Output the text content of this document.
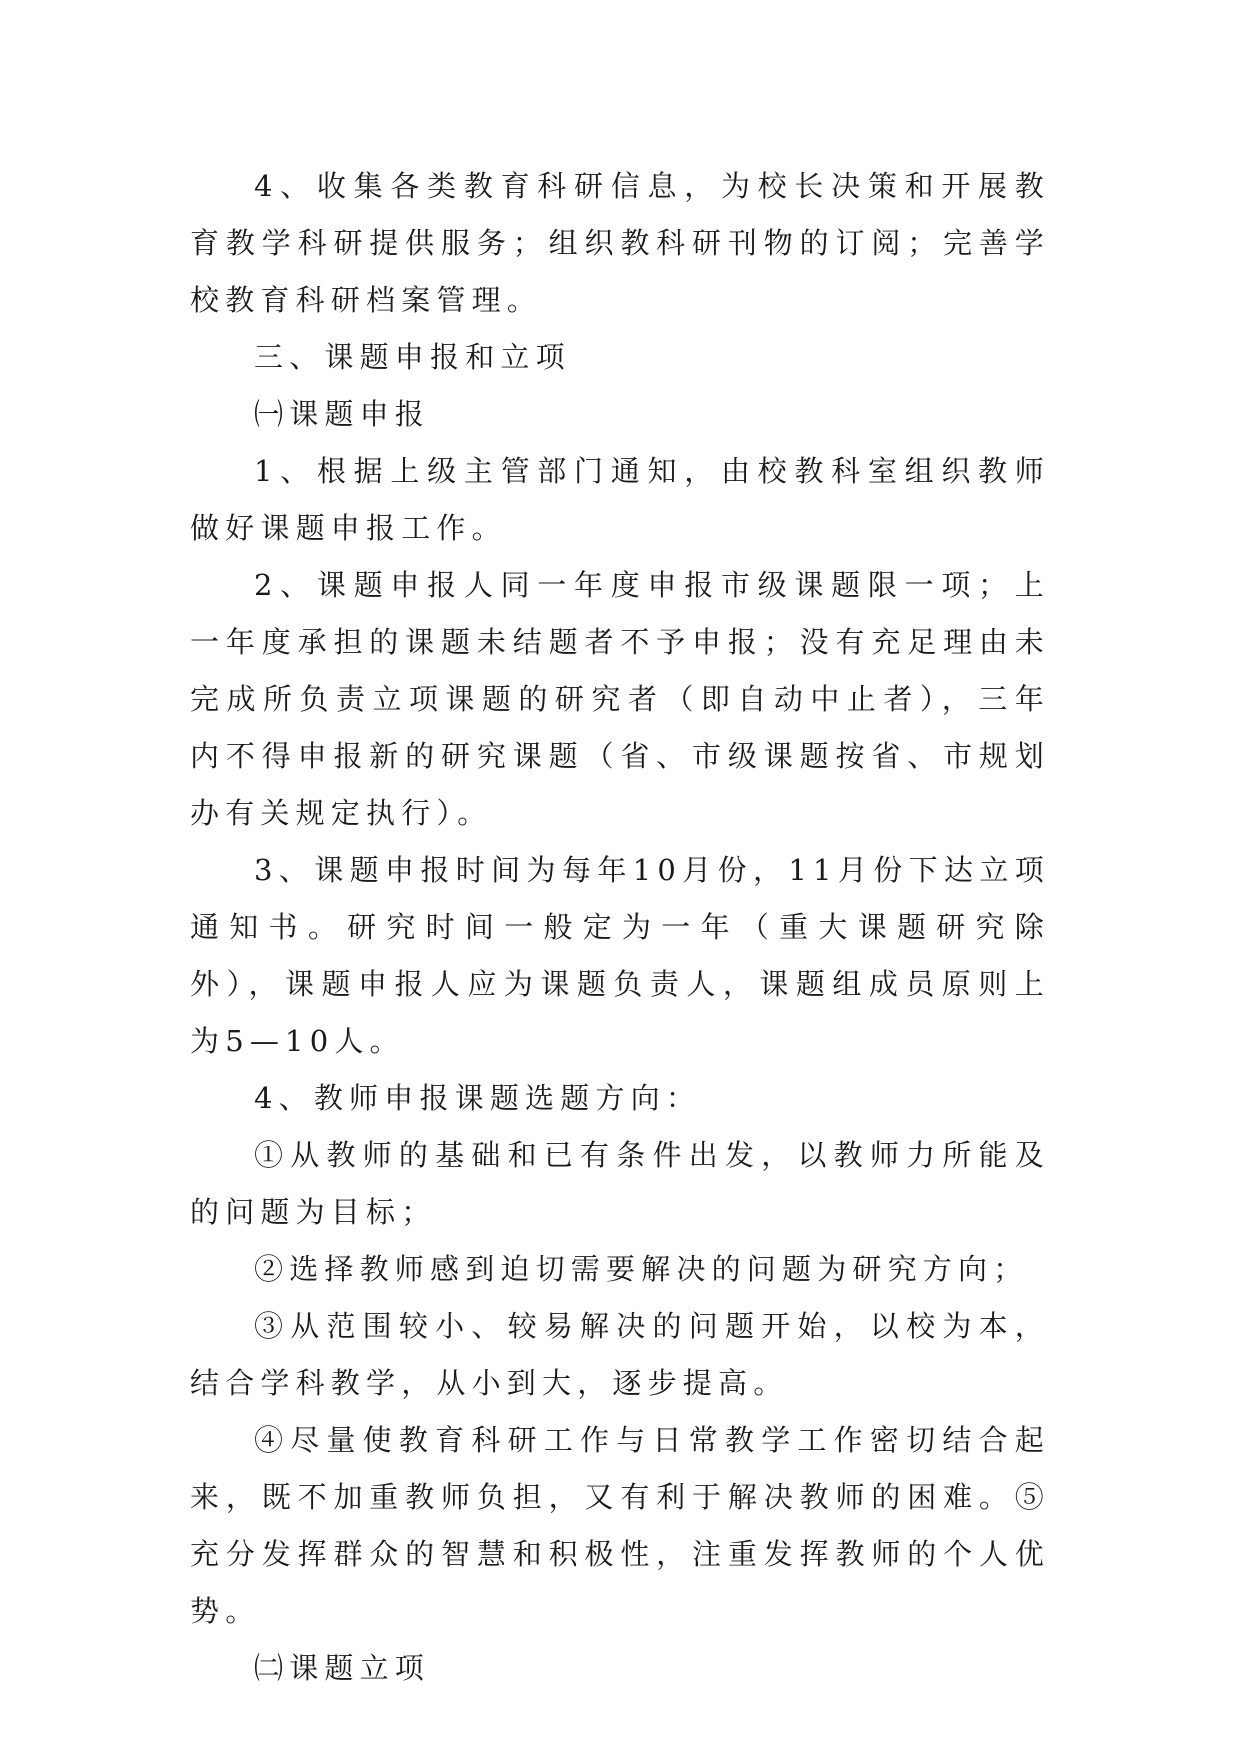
4、收集各类教育科研信息，为校长决策和开展教育教学科研提供服务；组织教科研刊物的订阅；完善学校教育科研档案管理。

三、课题申报和立项

㈠课题申报

1、根据上级主管部门通知，由校教科室组织教师做好课题申报工作。

2、课题申报人同一年度申报市级课题限一项；上一年度承担的课题未结题者不予申报；没有充足理由未完成所负责立项课题的研究者（即自动中止者），三年内不得申报新的研究课题（省、市级课题按省、市规划办有关规定执行）。

3、课题申报时间为每年10月份，11月份下达立项通知书。研究时间一般定为一年（重大课题研究除外），课题申报人应为课题负责人，课题组成员原则上为5—10人。

4、教师申报课题选题方向：

①从教师的基础和已有条件出发，以教师力所能及的问题为目标；

②选择教师感到迫切需要解决的问题为研究方向；

③从范围较小、较易解决的问题开始，以校为本，结合学科教学，从小到大，逐步提高。

④尽量使教育科研工作与日常教学工作密切结合起来，既不加重教师负担，又有利于解决教师的困难。⑤充分发挥群众的智慧和积极性，注重发挥教师的个人优势。

㈡课题立项
